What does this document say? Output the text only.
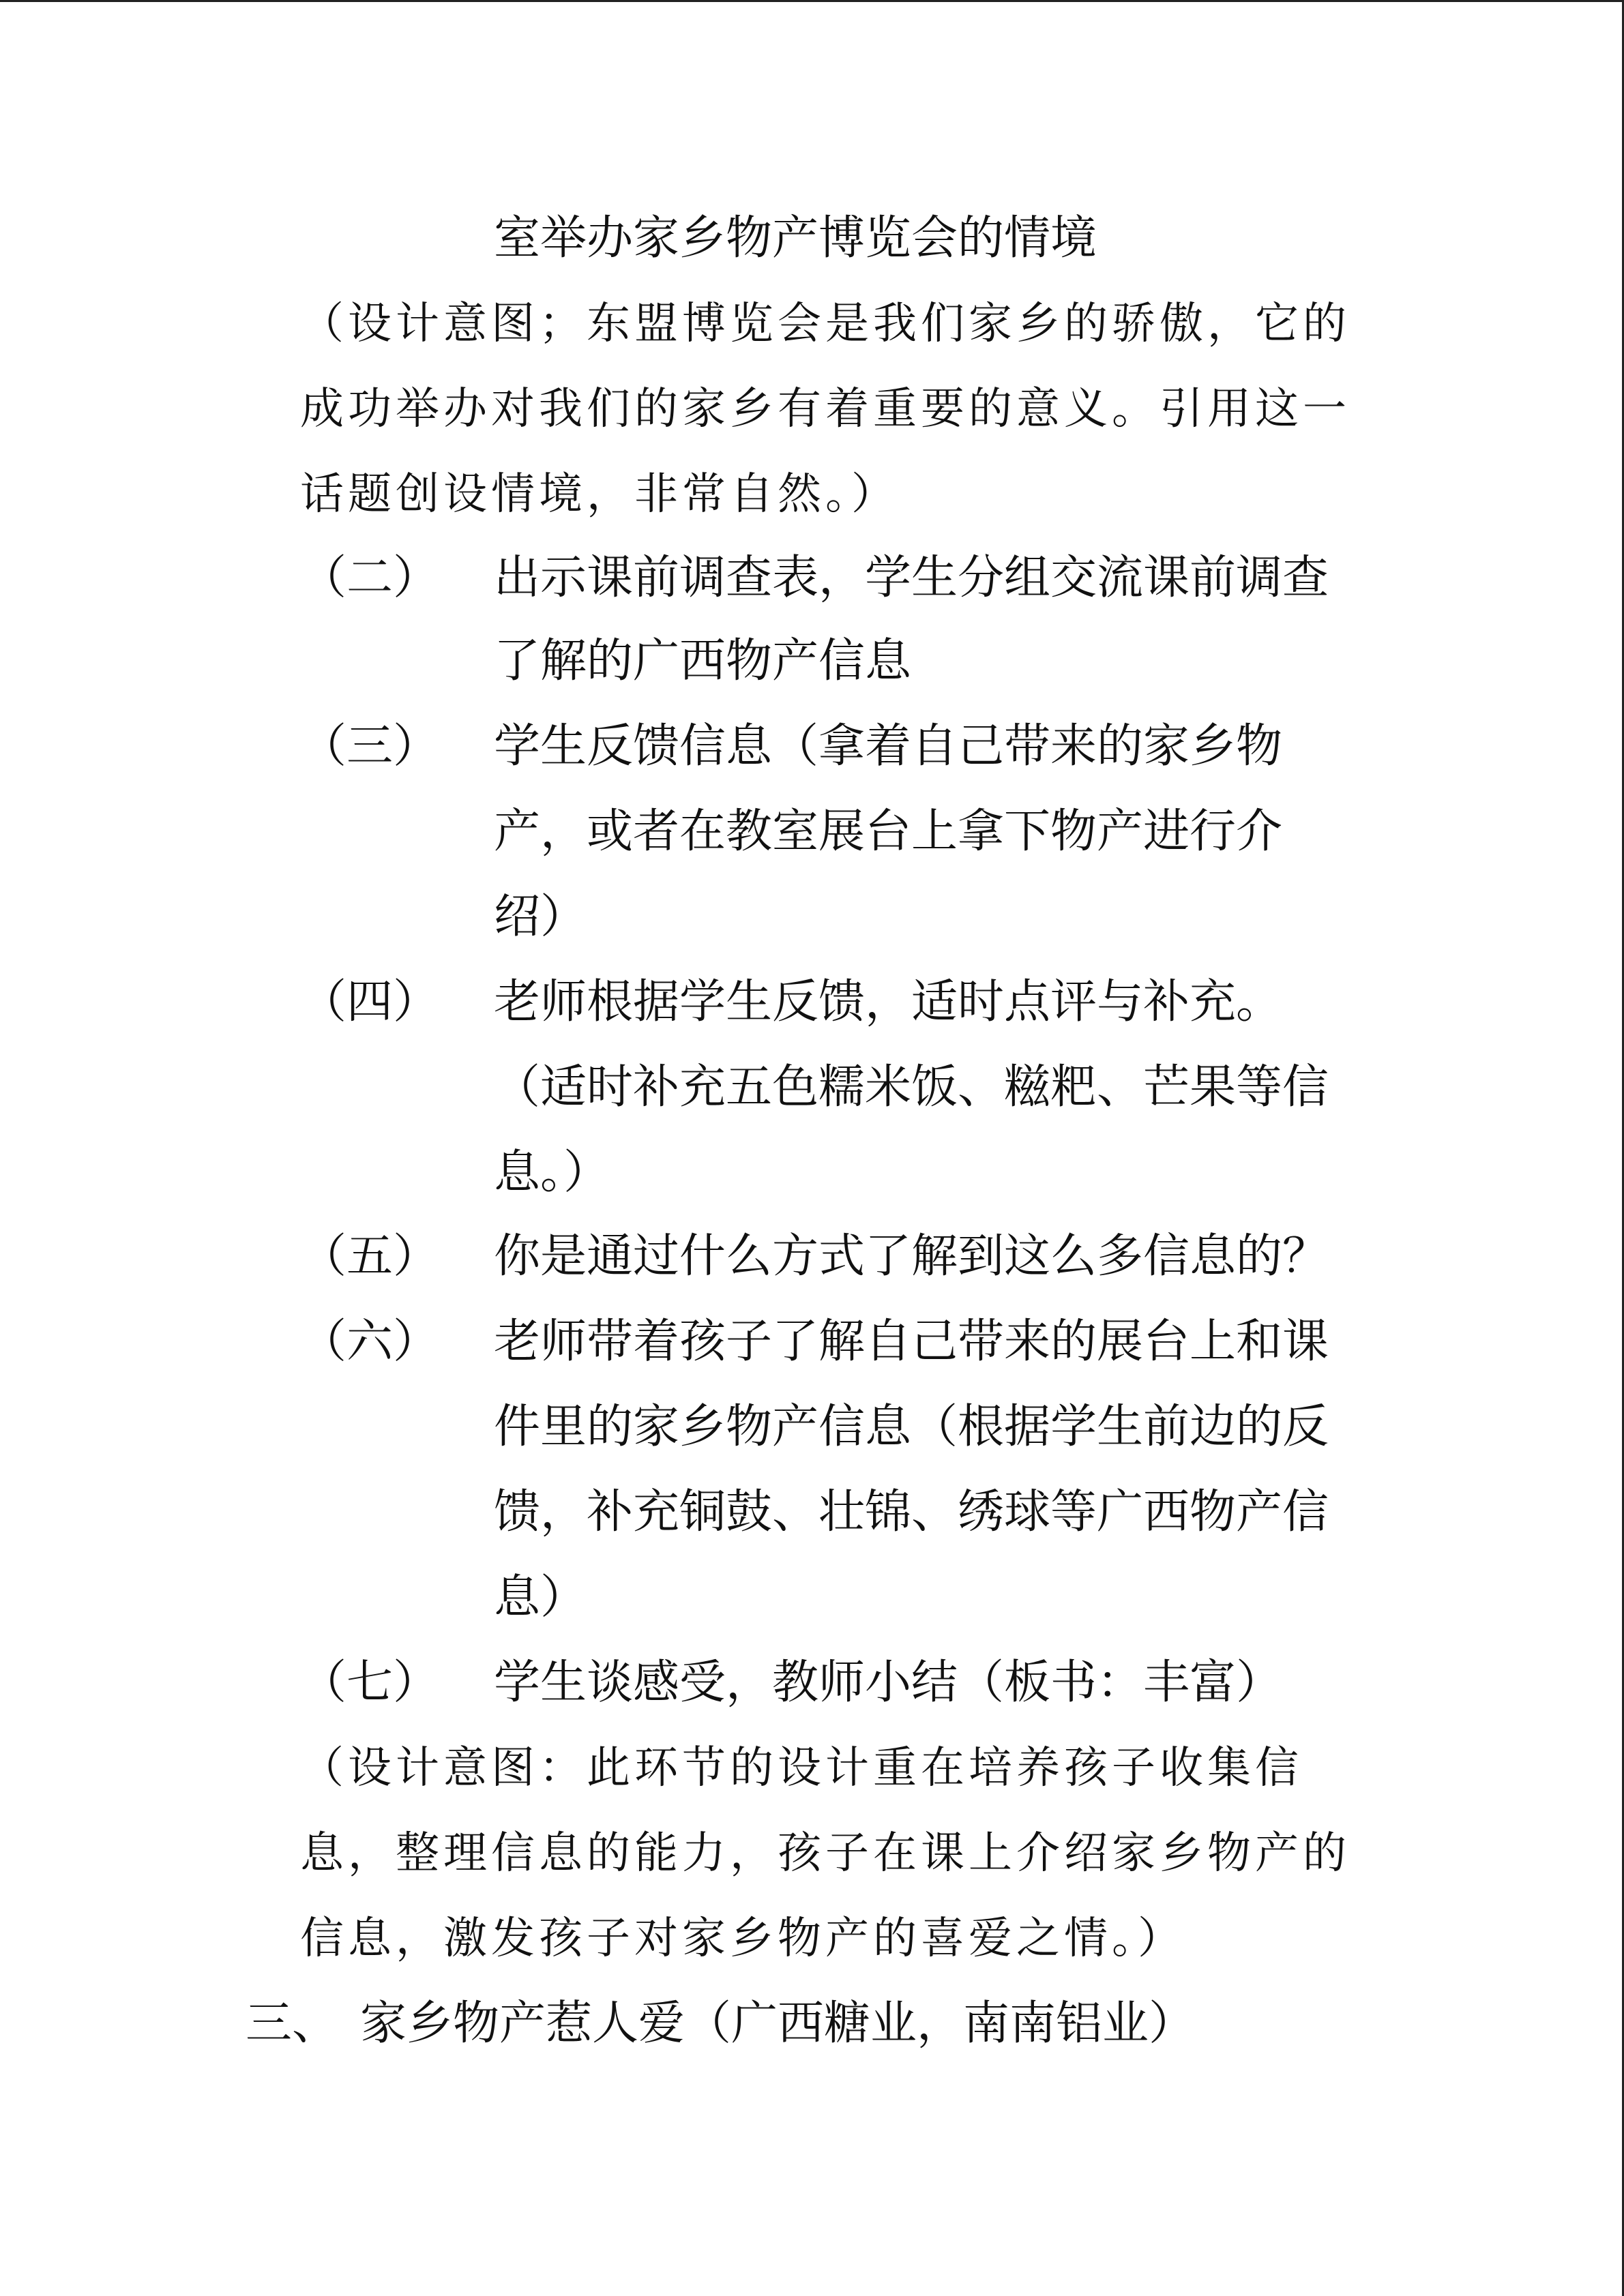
室举办家乡物产博览会的情境
（设计意图；东盟博览会是我们家乡的骄傲，它的
成功举办对我们的家乡有着重要的意义。引用这一
话题创设情境，非常自然。）
（二） 出示课前调查表，学生分组交流课前调查
了解的广西物产信息
（三） 学生反馈信息（拿着自己带来的家乡物
产，或者在教室展台上拿下物产进行介
绍）
（四） 老师根据学生反馈，适时点评与补充。
（适时补充五色糯米饭、糍粑、芒果等信
息。）
（五） 你是通过什么方式了解到这么多信息的？
（六） 老师带着孩子了解自己带来的展台上和课
件里的家乡物产信息（根据学生前边的反
馈，补充铜鼓、壮锦、绣球等广西物产信
息）
（七） 学生谈感受，教师小结（板书：丰富）
（设计意图：此环节的设计重在培养孩子收集信
息，整理信息的能力，孩子在课上介绍家乡物产的
信息，激发孩子对家乡物产的喜爱之情。）
三、 家乡物产惹人爱（广西糖业，南南铝业）
